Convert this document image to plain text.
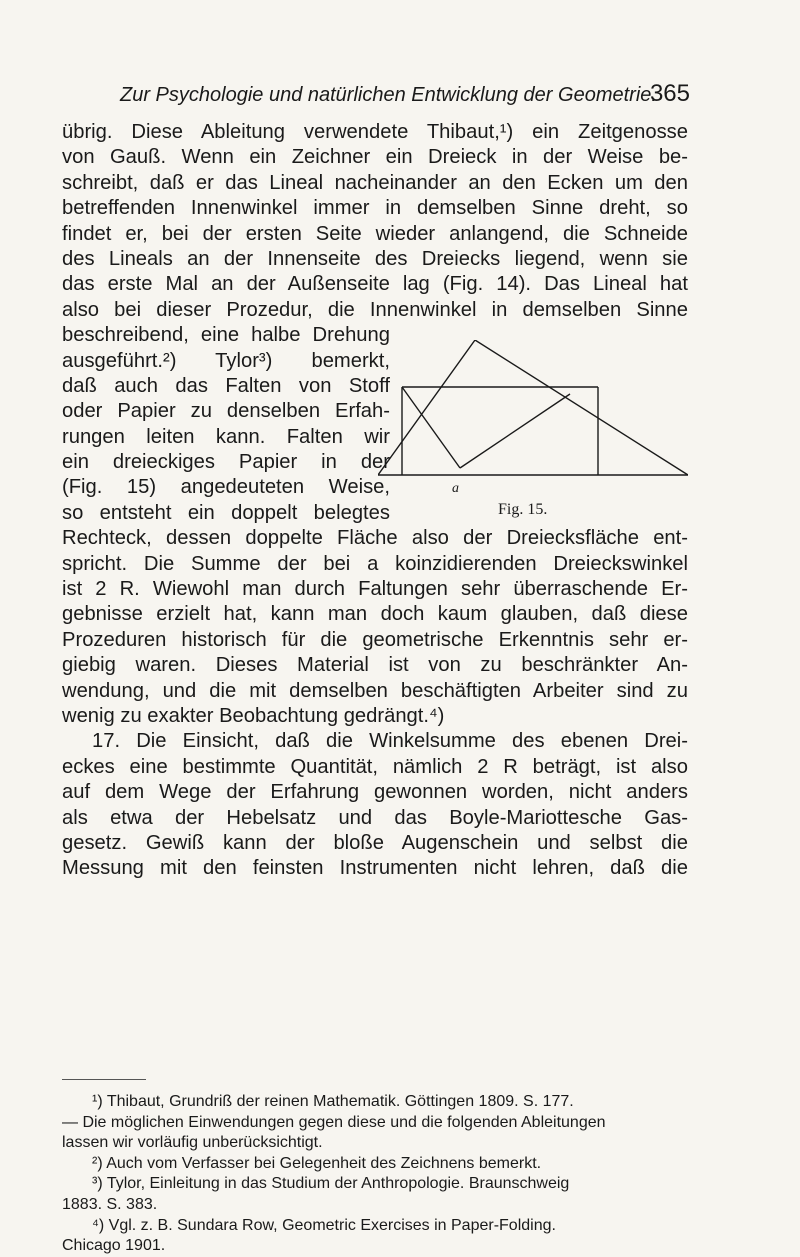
Zur Psychologie und natürlichen Entwicklung der Geometrie.
365
übrig. Diese Ableitung verwendete Thibaut,¹) ein Zeitgenosse
von Gauß. Wenn ein Zeichner ein Dreieck in der Weise be-
schreibt, daß er das Lineal nacheinander an den Ecken um den
betreffenden Innenwinkel immer in demselben Sinne dreht, so
findet er, bei der ersten Seite wieder anlangend, die Schneide
des Lineals an der Innenseite des Dreiecks liegend, wenn sie
das erste Mal an der Außenseite lag (Fig. 14). Das Lineal hat
also bei dieser Prozedur, die Innenwinkel in demselben Sinne
beschreibend, eine halbe Drehung
ausgeführt.²) Tylor³) bemerkt,
daß auch das Falten von Stoff
oder Papier zu denselben Erfah-
rungen leiten kann. Falten wir
ein dreieckiges Papier in der
(Fig. 15) angedeuteten Weise,
so entsteht ein doppelt belegtes
Rechteck, dessen doppelte Fläche also der Dreiecksfläche ent-
spricht. Die Summe der bei a koinzidierenden Dreieckswinkel
ist 2 R. Wiewohl man durch Faltungen sehr überraschende Er-
gebnisse erzielt hat, kann man doch kaum glauben, daß diese
Prozeduren historisch für die geometrische Erkenntnis sehr er-
giebig waren. Dieses Material ist von zu beschränkter An-
wendung, und die mit demselben beschäftigten Arbeiter sind zu
wenig zu exakter Beobachtung gedrängt.⁴)
17. Die Einsicht, daß die Winkelsumme des ebenen Drei-
eckes eine bestimmte Quantität, nämlich 2 R beträgt, ist also
auf dem Wege der Erfahrung gewonnen worden, nicht anders
als etwa der Hebelsatz und das Boyle-Mariottesche Gas-
gesetz. Gewiß kann der bloße Augenschein und selbst die
Messung mit den feinsten Instrumenten nicht lehren, daß die
a
Fig. 15.
¹) Thibaut, Grundriß der reinen Mathematik. Göttingen 1809. S. 177.
— Die möglichen Einwendungen gegen diese und die folgenden Ableitungen
lassen wir vorläufig unberücksichtigt.
²) Auch vom Verfasser bei Gelegenheit des Zeichnens bemerkt.
³) Tylor, Einleitung in das Studium der Anthropologie. Braunschweig
1883. S. 383.
⁴) Vgl. z. B. Sundara Row, Geometric Exercises in Paper-Folding.
Chicago 1901.
